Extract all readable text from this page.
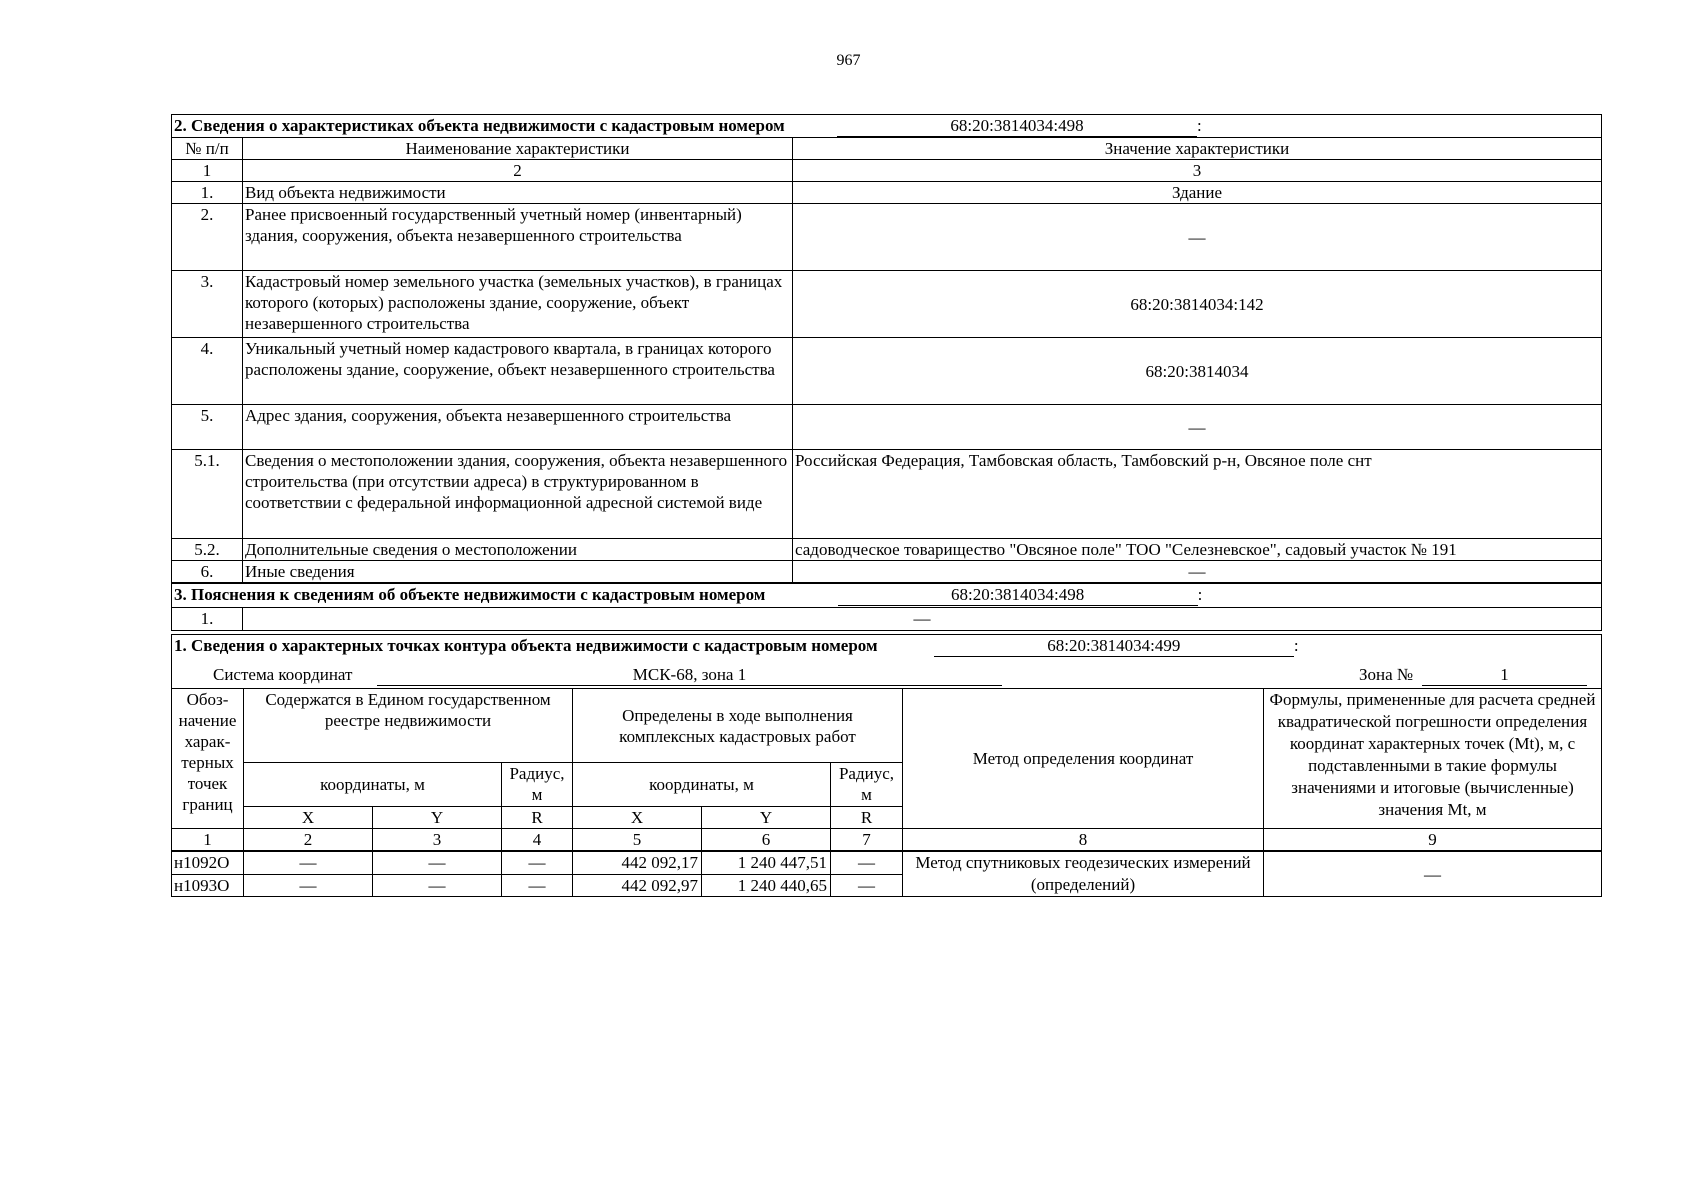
967
2. Сведения о характеристиках объекта недвижимости с кадастровым номером 68:20:3814034:498 :		
№ п/п	Наименование характеристики	Значение характеристики
1	2	3
1.	Вид объекта недвижимости	Здание
2.	Ранее присвоенный государственный учетный номер (инвентарный) здания, сооружения, объекта незавершенного строительства	—
3.	Кадастровый номер земельного участка (земельных участков), в границах которого (которых) расположены здание, сооружение, объект незавершенного строительства	68:20:3814034:142
4.	Уникальный учетный номер кадастрового квартала, в границах которого расположены здание, сооружение, объект незавершенного строительства	68:20:3814034
5.	Адрес здания, сооружения, объекта незавершенного строительства	—
5.1.	Сведения о местоположении здания, сооружения, объекта незавершенного строительства (при отсутствии адреса) в структурированном в соответствии с федеральной информационной адресной системой виде	Российская Федерация, Тамбовская область, Тамбовский р-н, Овсяное поле снт
5.2.	Дополнительные сведения о местоположении	садоводческое товарищество "Овсяное поле" ТОО "Селезневское", садовый участок № 191
6.	Иные сведения	—
3. Пояснения к сведениям об объекте недвижимости с кадастровым номером	68:20:3814034:498	:
1.	—
1. Сведения о характерных точках контура объекта недвижимости с кадастровым номером 68:20:3814034:499 :								

Система координат МСК-68, зона 1 Зона № 1								

Обоз-начение харак-терных точек границ	Содержатся в Едином государственном реестре недвижимости			Определены в ходе выполнения комплексных кадастровых работ			Метод определения координат	Формулы, примененные для расчета средней квадратической погрешности определения координат характерных точек (Mt), м, с подставленными в такие формулы значениями и итоговые (вычисленные) значения Mt, м
	координаты, м		Радиус, м	координаты, м		Радиус, м		
	X	Y	R	X	Y	R		
1	2	3	4	5	6	7	8	9
н1092О	—	—	—	442 092,17	1 240 447,51	—	Метод спутниковых геодезических измерений (определений)	—
н1093О	—	—	—	442 092,97	1 240 440,65	—		
